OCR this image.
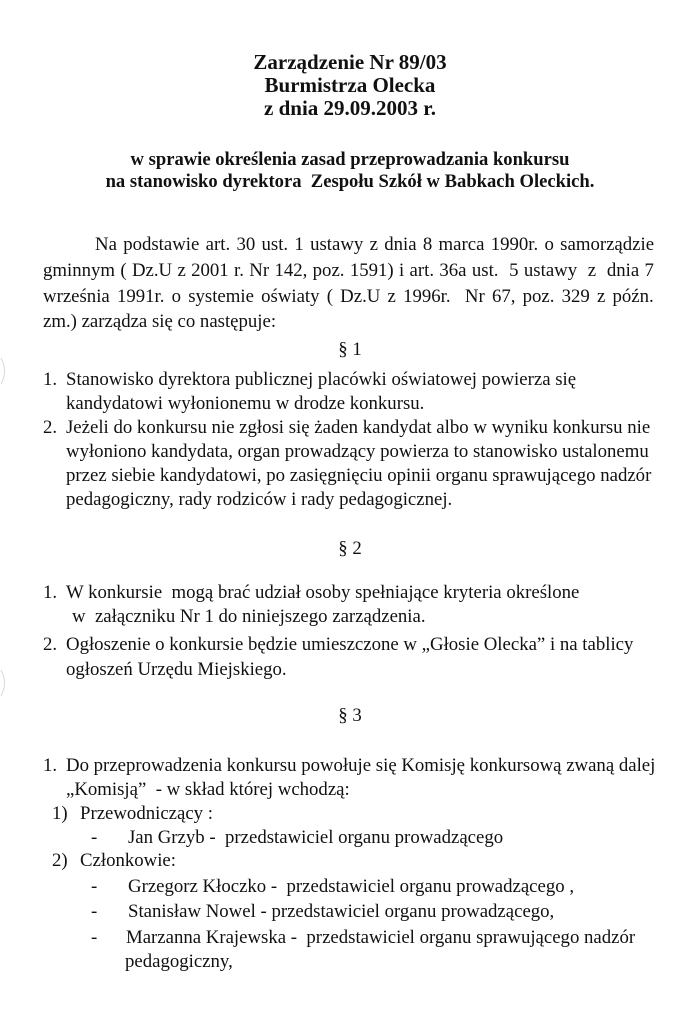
Zarządzenie Nr 89/03
Burmistrza Olecka
z dnia 29.09.2003 r.
w sprawie określenia zasad przeprowadzania konkursu
na stanowisko dyrektora  Zespołu Szkół w Babkach Oleckich.
Na podstawie art. 30 ust. 1 ustawy z dnia 8 marca 1990r. o samorządzie
gminnym ( Dz.U z 2001 r. Nr 142, poz. 1591) i art. 36a ust.  5 ustawy  z  dnia 7
września 1991r. o systemie oświaty ( Dz.U z 1996r.  Nr 67, poz. 329 z późn.
zm.) zarządza się co następuje:
§ 1
1. Stanowisko dyrektora publicznej placówki oświatowej powierza się
kandydatowi wyłonionemu w drodze konkursu.
2. Jeżeli do konkursu nie zgłosi się żaden kandydat albo w wyniku konkursu nie
wyłoniono kandydata, organ prowadzący powierza to stanowisko ustalonemu
przez siebie kandydatowi, po zasięgnięciu opinii organu sprawującego nadzór
pedagogiczny, rady rodziców i rady pedagogicznej.
§ 2
1. W konkursie  mogą brać udział osoby spełniające kryteria określone
w  załączniku Nr 1 do niniejszego zarządzenia.
2. Ogłoszenie o konkursie będzie umieszczone w „Głosie Olecka” i na tablicy
ogłoszeń Urzędu Miejskiego.
§ 3
1. Do przeprowadzenia konkursu powołuje się Komisję konkursową zwaną dalej
„Komisją”  - w skład której wchodzą:
1) Przewodniczący :
- Jan Grzyb -  przedstawiciel organu prowadzącego
2) Członkowie:
- Grzegorz Kłoczko -  przedstawiciel organu prowadzącego ,
- Stanisław Nowel - przedstawiciel organu prowadzącego,
- Marzanna Krajewska -  przedstawiciel organu sprawującego nadzór
pedagogiczny,
